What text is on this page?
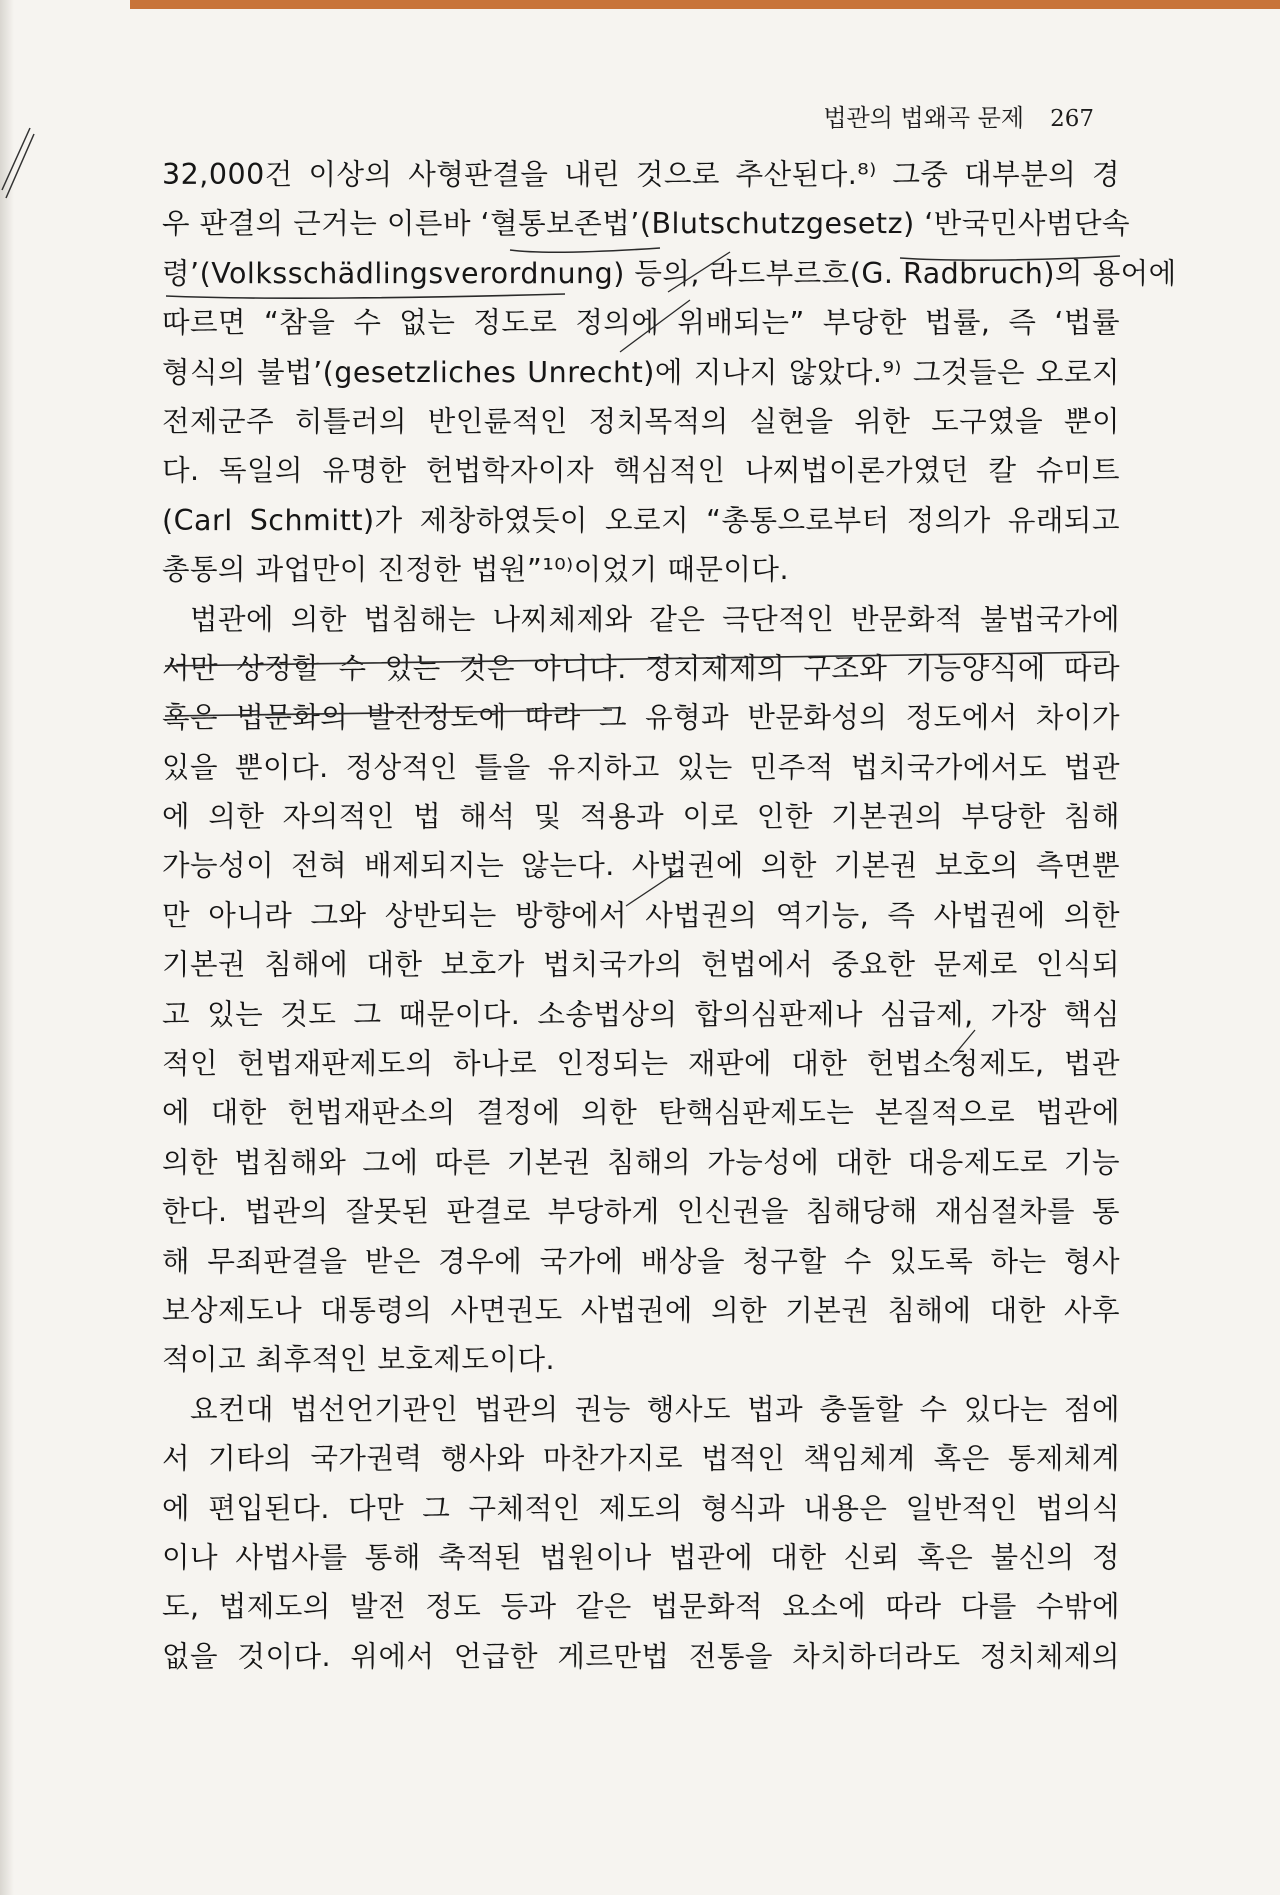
법관의 법왜곡 문제 267
32,000건 이상의 사형판결을 내린 것으로 추산된다.⁸⁾ 그중 대부분의 경
우 판결의 근거는 이른바 ‘혈통보존법’(Blutschutzgesetz) ‘반국민사범단속
령’(Volksschädlingsverordnung) 등의, 라드부르흐(G. Radbruch)의 용어에
따르면 “참을 수 없는 정도로 정의에 위배되는” 부당한 법률, 즉 ‘법률
형식의 불법’(gesetzliches Unrecht)에 지나지 않았다.⁹⁾ 그것들은 오로지
전제군주 히틀러의 반인륜적인 정치목적의 실현을 위한 도구였을 뿐이
다. 독일의 유명한 헌법학자이자 핵심적인 나찌법이론가였던 칼 슈미트
(Carl Schmitt)가 제창하였듯이 오로지 “총통으로부터 정의가 유래되고
총통의 과업만이 진정한 법원”¹⁰⁾이었기 때문이다.
법관에 의한 법침해는 나찌체제와 같은 극단적인 반문화적 불법국가에
서만 상정할 수 있는 것은 아니다. 정치체제의 구조와 기능양식에 따라
혹은 법문화의 발전정도에 따라 그 유형과 반문화성의 정도에서 차이가
있을 뿐이다. 정상적인 틀을 유지하고 있는 민주적 법치국가에서도 법관
에 의한 자의적인 법 해석 및 적용과 이로 인한 기본권의 부당한 침해
가능성이 전혀 배제되지는 않는다. 사법권에 의한 기본권 보호의 측면뿐
만 아니라 그와 상반되는 방향에서 사법권의 역기능, 즉 사법권에 의한
기본권 침해에 대한 보호가 법치국가의 헌법에서 중요한 문제로 인식되
고 있는 것도 그 때문이다. 소송법상의 합의심판제나 심급제, 가장 핵심
적인 헌법재판제도의 하나로 인정되는 재판에 대한 헌법소청제도, 법관
에 대한 헌법재판소의 결정에 의한 탄핵심판제도는 본질적으로 법관에
의한 법침해와 그에 따른 기본권 침해의 가능성에 대한 대응제도로 기능
한다. 법관의 잘못된 판결로 부당하게 인신권을 침해당해 재심절차를 통
해 무죄판결을 받은 경우에 국가에 배상을 청구할 수 있도록 하는 형사
보상제도나 대통령의 사면권도 사법권에 의한 기본권 침해에 대한 사후
적이고 최후적인 보호제도이다.
요컨대 법선언기관인 법관의 권능 행사도 법과 충돌할 수 있다는 점에
서 기타의 국가권력 행사와 마찬가지로 법적인 책임체계 혹은 통제체계
에 편입된다. 다만 그 구체적인 제도의 형식과 내용은 일반적인 법의식
이나 사법사를 통해 축적된 법원이나 법관에 대한 신뢰 혹은 불신의 정
도, 법제도의 발전 정도 등과 같은 법문화적 요소에 따라 다를 수밖에
없을 것이다. 위에서 언급한 게르만법 전통을 차치하더라도 정치체제의
